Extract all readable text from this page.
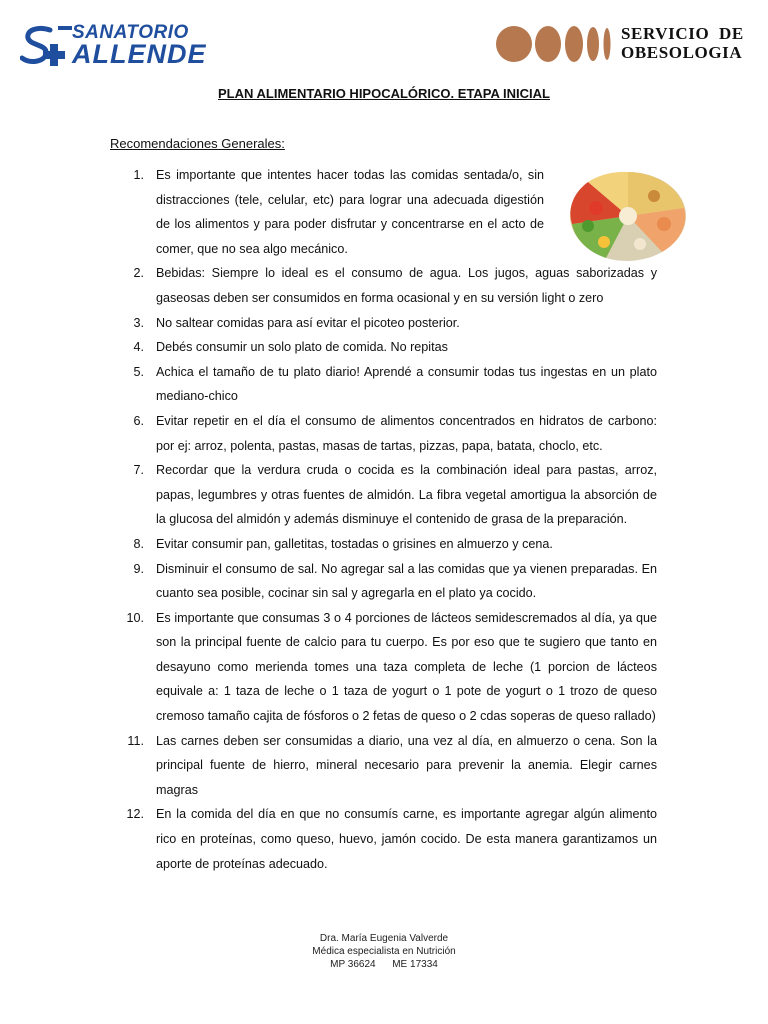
SANATORIO
ALLENDE
SERVICIO  DE
OBESOLOGIA
PLAN ALIMENTARIO HIPOCALÓRICO. ETAPA INICIAL
Recomendaciones Generales:
1. Es importante que intentes hacer todas las comidas sentada/o, sin distracciones (tele, celular, etc) para lograr una adecuada digestión de los alimentos y para poder disfrutar y concentrarse en el acto de comer, que no sea algo mecánico.
2. Bebidas: Siempre lo ideal es el consumo de agua. Los jugos, aguas saborizadas y gaseosas deben ser consumidos en forma ocasional y en su versión light o zero
3. No saltear comidas para así evitar el picoteo posterior.
4. Debés consumir un solo plato de comida. No repitas
5. Achica el tamaño de tu plato diario! Aprendé a consumir todas tus ingestas en un plato mediano-chico
6. Evitar repetir en el día el consumo de alimentos concentrados en hidratos de carbono: por ej: arroz, polenta, pastas, masas de tartas, pizzas, papa, batata, choclo, etc.
7. Recordar que la verdura cruda o cocida es la combinación ideal para pastas, arroz, papas, legumbres y otras fuentes de almidón. La fibra vegetal amortigua la absorción de la glucosa del almidón y además disminuye el contenido de grasa de la preparación.
8. Evitar consumir pan, galletitas, tostadas o grisines en almuerzo y cena.
9. Disminuir el consumo de sal. No agregar sal a las comidas que ya vienen preparadas. En cuanto sea posible, cocinar sin sal y agregarla en el plato ya cocido.
10. Es importante que consumas 3 o 4 porciones de lácteos semidescremados al día, ya que son la principal fuente de calcio para tu cuerpo. Es por eso que te sugiero que tanto en desayuno como merienda tomes una taza completa de leche (1 porcion de lácteos equivale a: 1 taza de leche o 1 taza de yogurt o 1 pote de yogurt o 1 trozo de queso cremoso tamaño cajita de fósforos o 2 fetas de queso o 2 cdas soperas de queso rallado)
11. Las carnes deben ser consumidas a diario, una vez al día, en almuerzo o cena. Son la principal fuente de hierro, mineral necesario para prevenir la anemia. Elegir carnes magras
12. En la comida del día en que no consumís carne, es importante agregar algún alimento rico en proteínas, como queso, huevo, jamón cocido. De esta manera garantizamos un aporte de proteínas adecuado.
Dra. María Eugenia Valverde
Médica especialista en Nutrición
MP 36624      ME 17334
